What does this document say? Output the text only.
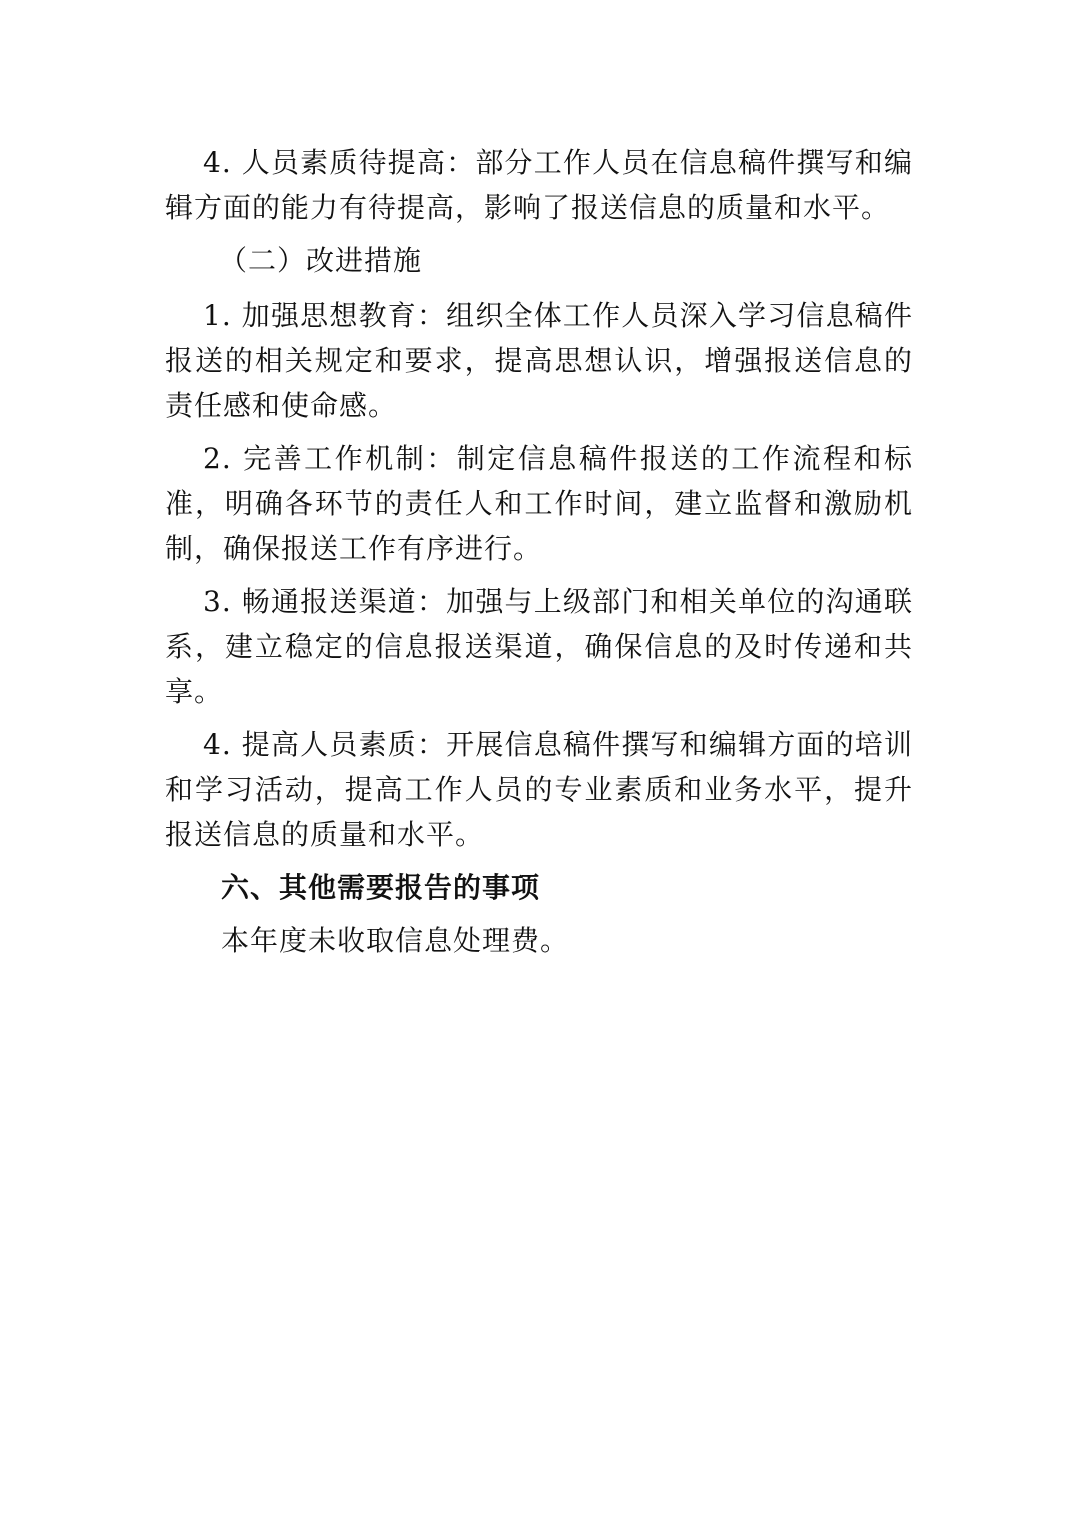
4. 人员素质待提高：部分工作人员在信息稿件撰写和编辑方面的能力有待提高，影响了报送信息的质量和水平。

（二）改进措施

1. 加强思想教育：组织全体工作人员深入学习信息稿件报送的相关规定和要求，提高思想认识，增强报送信息的责任感和使命感。

2. 完善工作机制：制定信息稿件报送的工作流程和标准，明确各环节的责任人和工作时间，建立监督和激励机制，确保报送工作有序进行。

3. 畅通报送渠道：加强与上级部门和相关单位的沟通联系，建立稳定的信息报送渠道，确保信息的及时传递和共享。

4. 提高人员素质：开展信息稿件撰写和编辑方面的培训和学习活动，提高工作人员的专业素质和业务水平，提升报送信息的质量和水平。

六、其他需要报告的事项

本年度未收取信息处理费。
